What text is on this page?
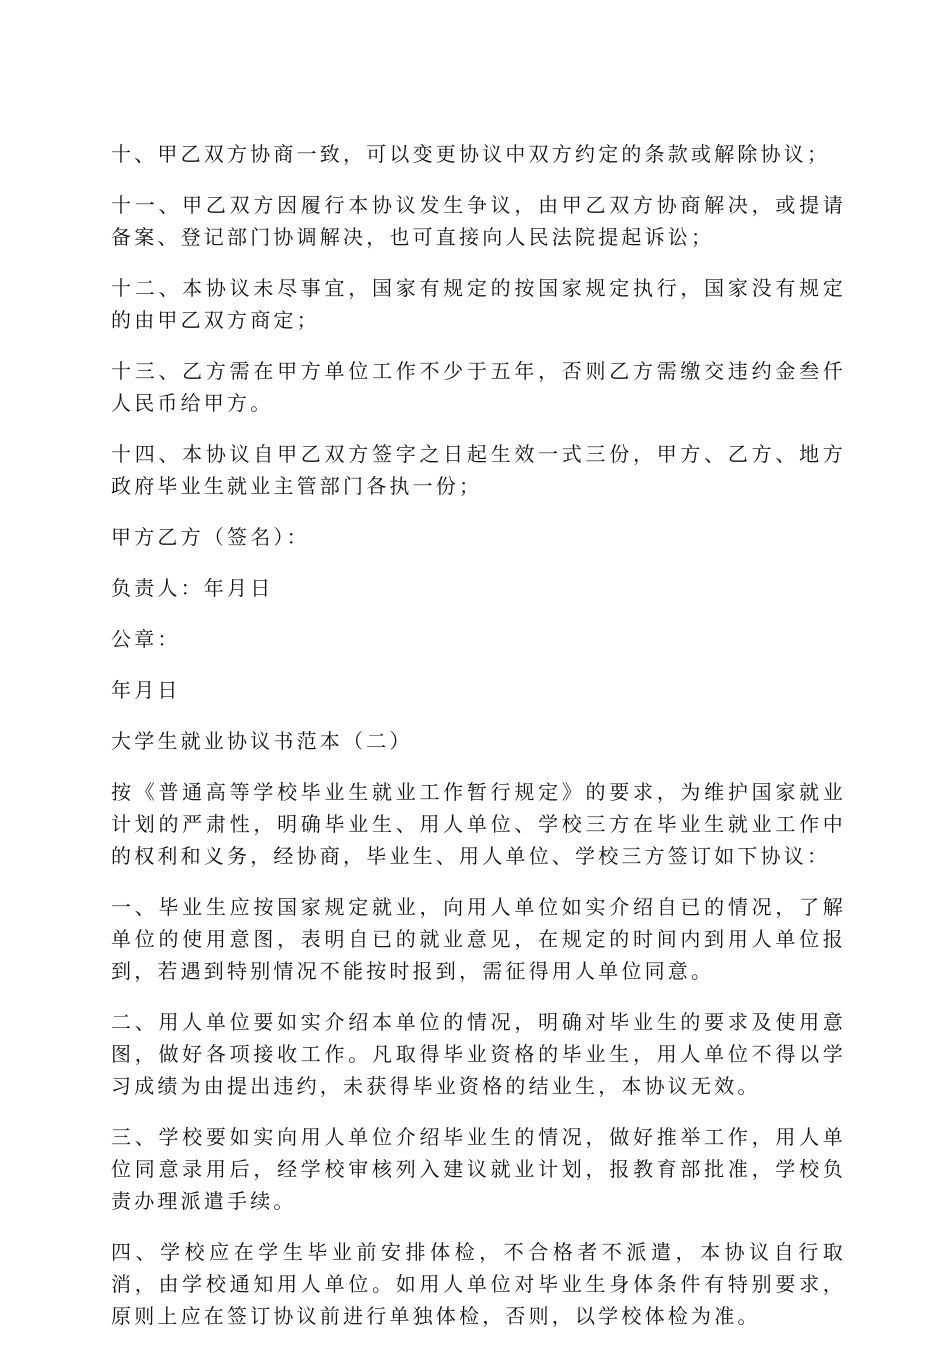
十、甲乙双方协商一致，可以变更协议中双方约定的条款或解除协议；

十一、甲乙双方因履行本协议发生争议，由甲乙双方协商解决，或提请备案、登记部门协调解决，也可直接向人民法院提起诉讼；

十二、本协议未尽事宜，国家有规定的按国家规定执行，国家没有规定的由甲乙双方商定；

十三、乙方需在甲方单位工作不少于五年，否则乙方需缴交违约金叁仟人民币给甲方。

十四、本协议自甲乙双方签字之日起生效一式三份，甲方、乙方、地方政府毕业生就业主管部门各执一份；

甲方乙方（签名）：

负责人：年月日

公章：

年月日

大学生就业协议书范本（二）

按《普通高等学校毕业生就业工作暂行规定》的要求，为维护国家就业计划的严肃性，明确毕业生、用人单位、学校三方在毕业生就业工作中的权利和义务，经协商，毕业生、用人单位、学校三方签订如下协议：

一、毕业生应按国家规定就业，向用人单位如实介绍自已的情况，了解单位的使用意图，表明自已的就业意见，在规定的时间内到用人单位报到，若遇到特别情况不能按时报到，需征得用人单位同意。

二、用人单位要如实介绍本单位的情况，明确对毕业生的要求及使用意图，做好各项接收工作。凡取得毕业资格的毕业生，用人单位不得以学习成绩为由提出违约，未获得毕业资格的结业生，本协议无效。

三、学校要如实向用人单位介绍毕业生的情况，做好推举工作，用人单位同意录用后，经学校审核列入建议就业计划，报教育部批准，学校负责办理派遣手续。

四、学校应在学生毕业前安排体检，不合格者不派遣，本协议自行取消，由学校通知用人单位。如用人单位对毕业生身体条件有特别要求，原则上应在签订协议前进行单独体检，否则，以学校体检为准。
